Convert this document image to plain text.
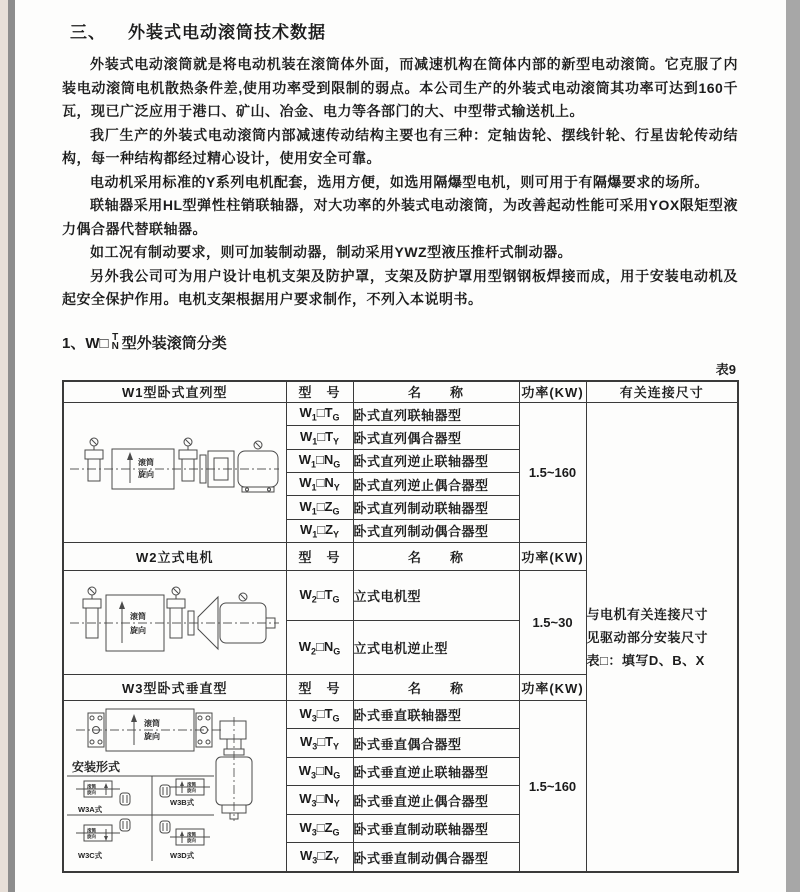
三、 外装式电动滚筒技术数据

外装式电动滚筒就是将电动机装在滚筒体外面，而减速机构在筒体内部的新型电动滚筒。它克服了内装电动滚筒电机散热条件差,使用功率受到限制的弱点。本公司生产的外装式电动滚筒其功率可达到160千瓦，现已广泛应用于港口、矿山、冶金、电力等各部门的大、中型带式输送机上。

我厂生产的外装式电动滚筒内部减速传动结构主要也有三种：定轴齿轮、摆线针轮、行星齿轮传动结构，每一种结构都经过精心设计，使用安全可靠。

电动机采用标准的Y系列电机配套，选用方便，如选用隔爆型电机，则可用于有隔爆要求的场所。

联轴器采用HL型弹性柱销联轴器，对大功率的外装式电动滚筒，为改善起动性能可采用YOX限矩型液力偶合器代替联轴器。

如工况有制动要求，则可加装制动器，制动采用YWZ型液压推杆式制动器。

另外我公司可为用户设计电机支架及防护罩，支架及防护罩用型钢钢板焊接而成，用于安装电动机及起安全保护作用。电机支架根据用户要求制作，不列入本说明书。

1、W□ T
N 型外装滚筒分类
表9
W1型卧式直列型	型　号	名　　称	功率(KW)	有关连接尺寸

滚筒
旋向
	$W_1□T_G$	卧式直列联轴器型	1.5~160	
与电机有关连接尺寸
见驱动部分安装尺寸
表□：填写D、B、X

	$W_1□T_Y$	卧式直列偶合器型		
	$W_1□N_G$	卧式直列逆止联轴器型		
	$W_1□N_Y$	卧式直列逆止偶合器型		
	$W_1□Z_G$	卧式直列制动联轴器型		
	$W_1□Z_Y$	卧式直列制动偶合器型		
W2立式电机	型　号	名　　称	功率(KW)	

滚筒
旋向	$W_2□T_G$	立式电机型	1.5~30	
	$W_2□N_G$	立式电机逆止型		
W3型卧式垂直型	型　号	名　　称	功率(KW)	

滚筒
旋向
安装形式
滚筒
旋向
W3A式
滚筒
旋向
W3B式
滚筒
旋向
W3C式
滚筒
旋向
W3D式
	$W_3□T_G$	卧式垂直联轴器型	1.5~160
	$W_3□T_Y$	卧式垂直偶合器型		
	$W_3□N_G$	卧式垂直逆止联轴器型		
	$W_3□N_Y$	卧式垂直逆止偶合器型		
	$W_3□Z_G$	卧式垂直制动联轴器型		
	$W_3□Z_Y$	卧式垂直制动偶合器型		
